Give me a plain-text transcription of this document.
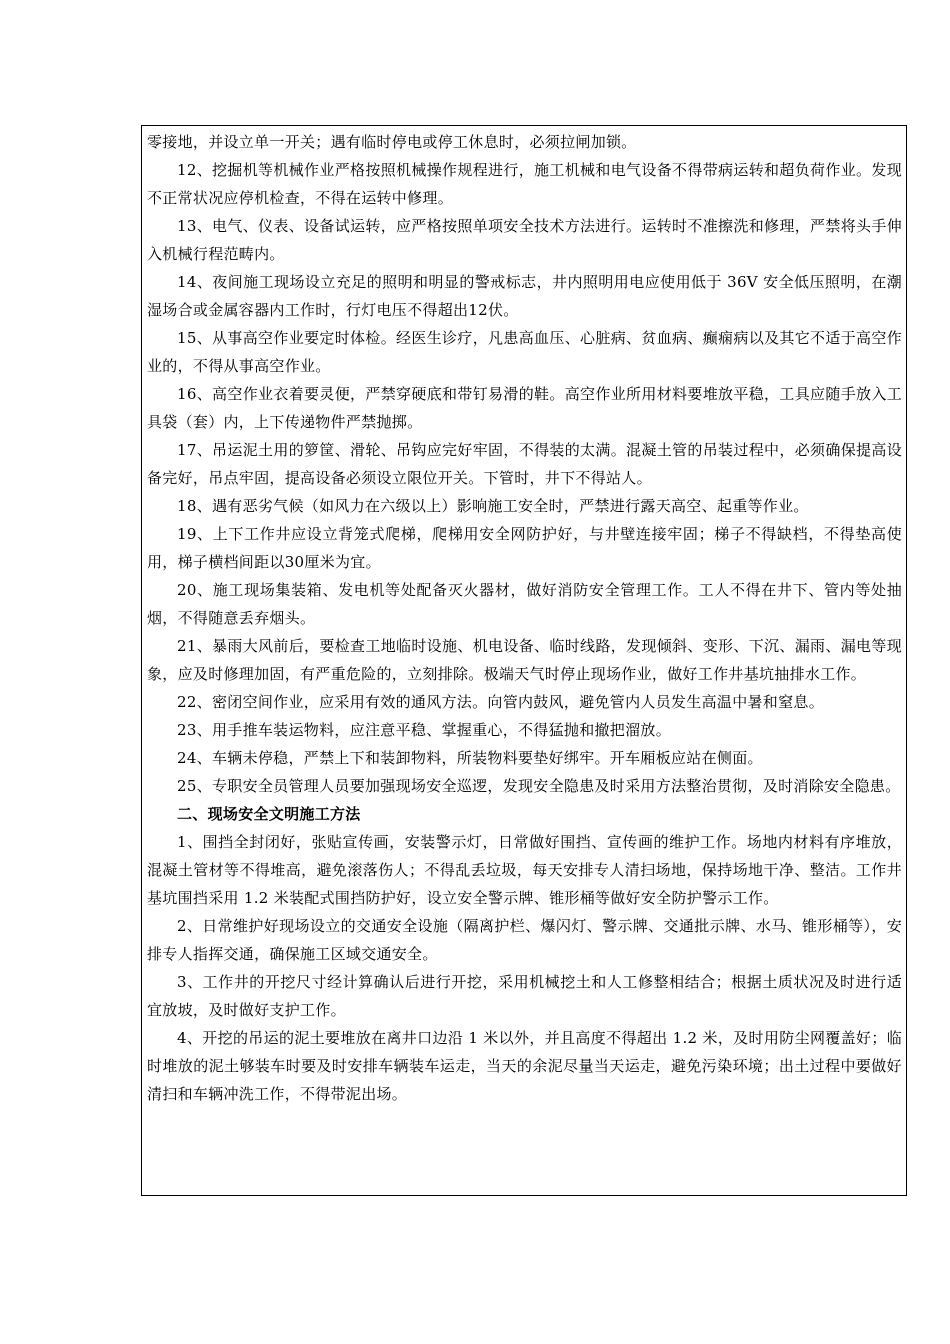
零接地，并设立单一开关；遇有临时停电或停工休息时，必须拉闸加锁。

12、挖掘机等机械作业严格按照机械操作规程进行，施工机械和电气设备不得带病运转和超负荷作业。发现不正常状况应停机检查，不得在运转中修理。

13、电气、仪表、设备试运转，应严格按照单项安全技术方法进行。运转时不准擦洗和修理，严禁将头手伸入机械行程范畴内。

14、夜间施工现场设立充足的照明和明显的警戒标志，井内照明用电应使用低于 36V 安全低压照明，在潮湿场合或金属容器内工作时，行灯电压不得超出12伏。

15、从事高空作业要定时体检。经医生诊疗，凡患高血压、心脏病、贫血病、癫痫病以及其它不适于高空作业的，不得从事高空作业。

16、高空作业衣着要灵便，严禁穿硬底和带钉易滑的鞋。高空作业所用材料要堆放平稳，工具应随手放入工具袋（套）内，上下传递物件严禁抛掷。

17、吊运泥土用的箩筐、滑轮、吊钩应完好牢固，不得装的太满。混凝土管的吊装过程中，必须确保提高设备完好，吊点牢固，提高设备必须设立限位开关。下管时，井下不得站人。

18、遇有恶劣气候（如风力在六级以上）影响施工安全时，严禁进行露天高空、起重等作业。

19、上下工作井应设立背笼式爬梯，爬梯用安全网防护好，与井壁连接牢固；梯子不得缺档，不得垫高使用，梯子横档间距以30厘米为宜。

20、施工现场集装箱、发电机等处配备灭火器材，做好消防安全管理工作。工人不得在井下、管内等处抽烟，不得随意丢弃烟头。

21、暴雨大风前后，要检查工地临时设施、机电设备、临时线路，发现倾斜、变形、下沉、漏雨、漏电等现象，应及时修理加固，有严重危险的，立刻排除。极端天气时停止现场作业，做好工作井基坑抽排水工作。

22、密闭空间作业，应采用有效的通风方法。向管内鼓风，避免管内人员发生高温中暑和窒息。

23、用手推车装运物料，应注意平稳、掌握重心，不得猛抛和撤把溜放。

24、车辆未停稳，严禁上下和装卸物料，所装物料要垫好绑牢。开车厢板应站在侧面。

25、专职安全员管理人员要加强现场安全巡逻，发现安全隐患及时采用方法整治贯彻，及时消除安全隐患。

二、现场安全文明施工方法

1、围挡全封闭好，张贴宣传画，安装警示灯，日常做好围挡、宣传画的维护工作。场地内材料有序堆放，混凝土管材等不得堆高，避免滚落伤人；不得乱丢垃圾，每天安排专人清扫场地，保持场地干净、整洁。工作井基坑围挡采用 1.2 米装配式围挡防护好，设立安全警示牌、锥形桶等做好安全防护警示工作。

2、日常维护好现场设立的交通安全设施（隔离护栏、爆闪灯、警示牌、交通批示牌、水马、锥形桶等），安排专人指挥交通，确保施工区域交通安全。

3、工作井的开挖尺寸经计算确认后进行开挖，采用机械挖土和人工修整相结合；根据土质状况及时进行适宜放坡，及时做好支护工作。

4、开挖的吊运的泥土要堆放在离井口边沿 1 米以外，并且高度不得超出 1.2 米，及时用防尘网覆盖好；临时堆放的泥土够装车时要及时安排车辆装车运走，当天的余泥尽量当天运走，避免污染环境；出土过程中要做好清扫和车辆冲洗工作，不得带泥出场。
